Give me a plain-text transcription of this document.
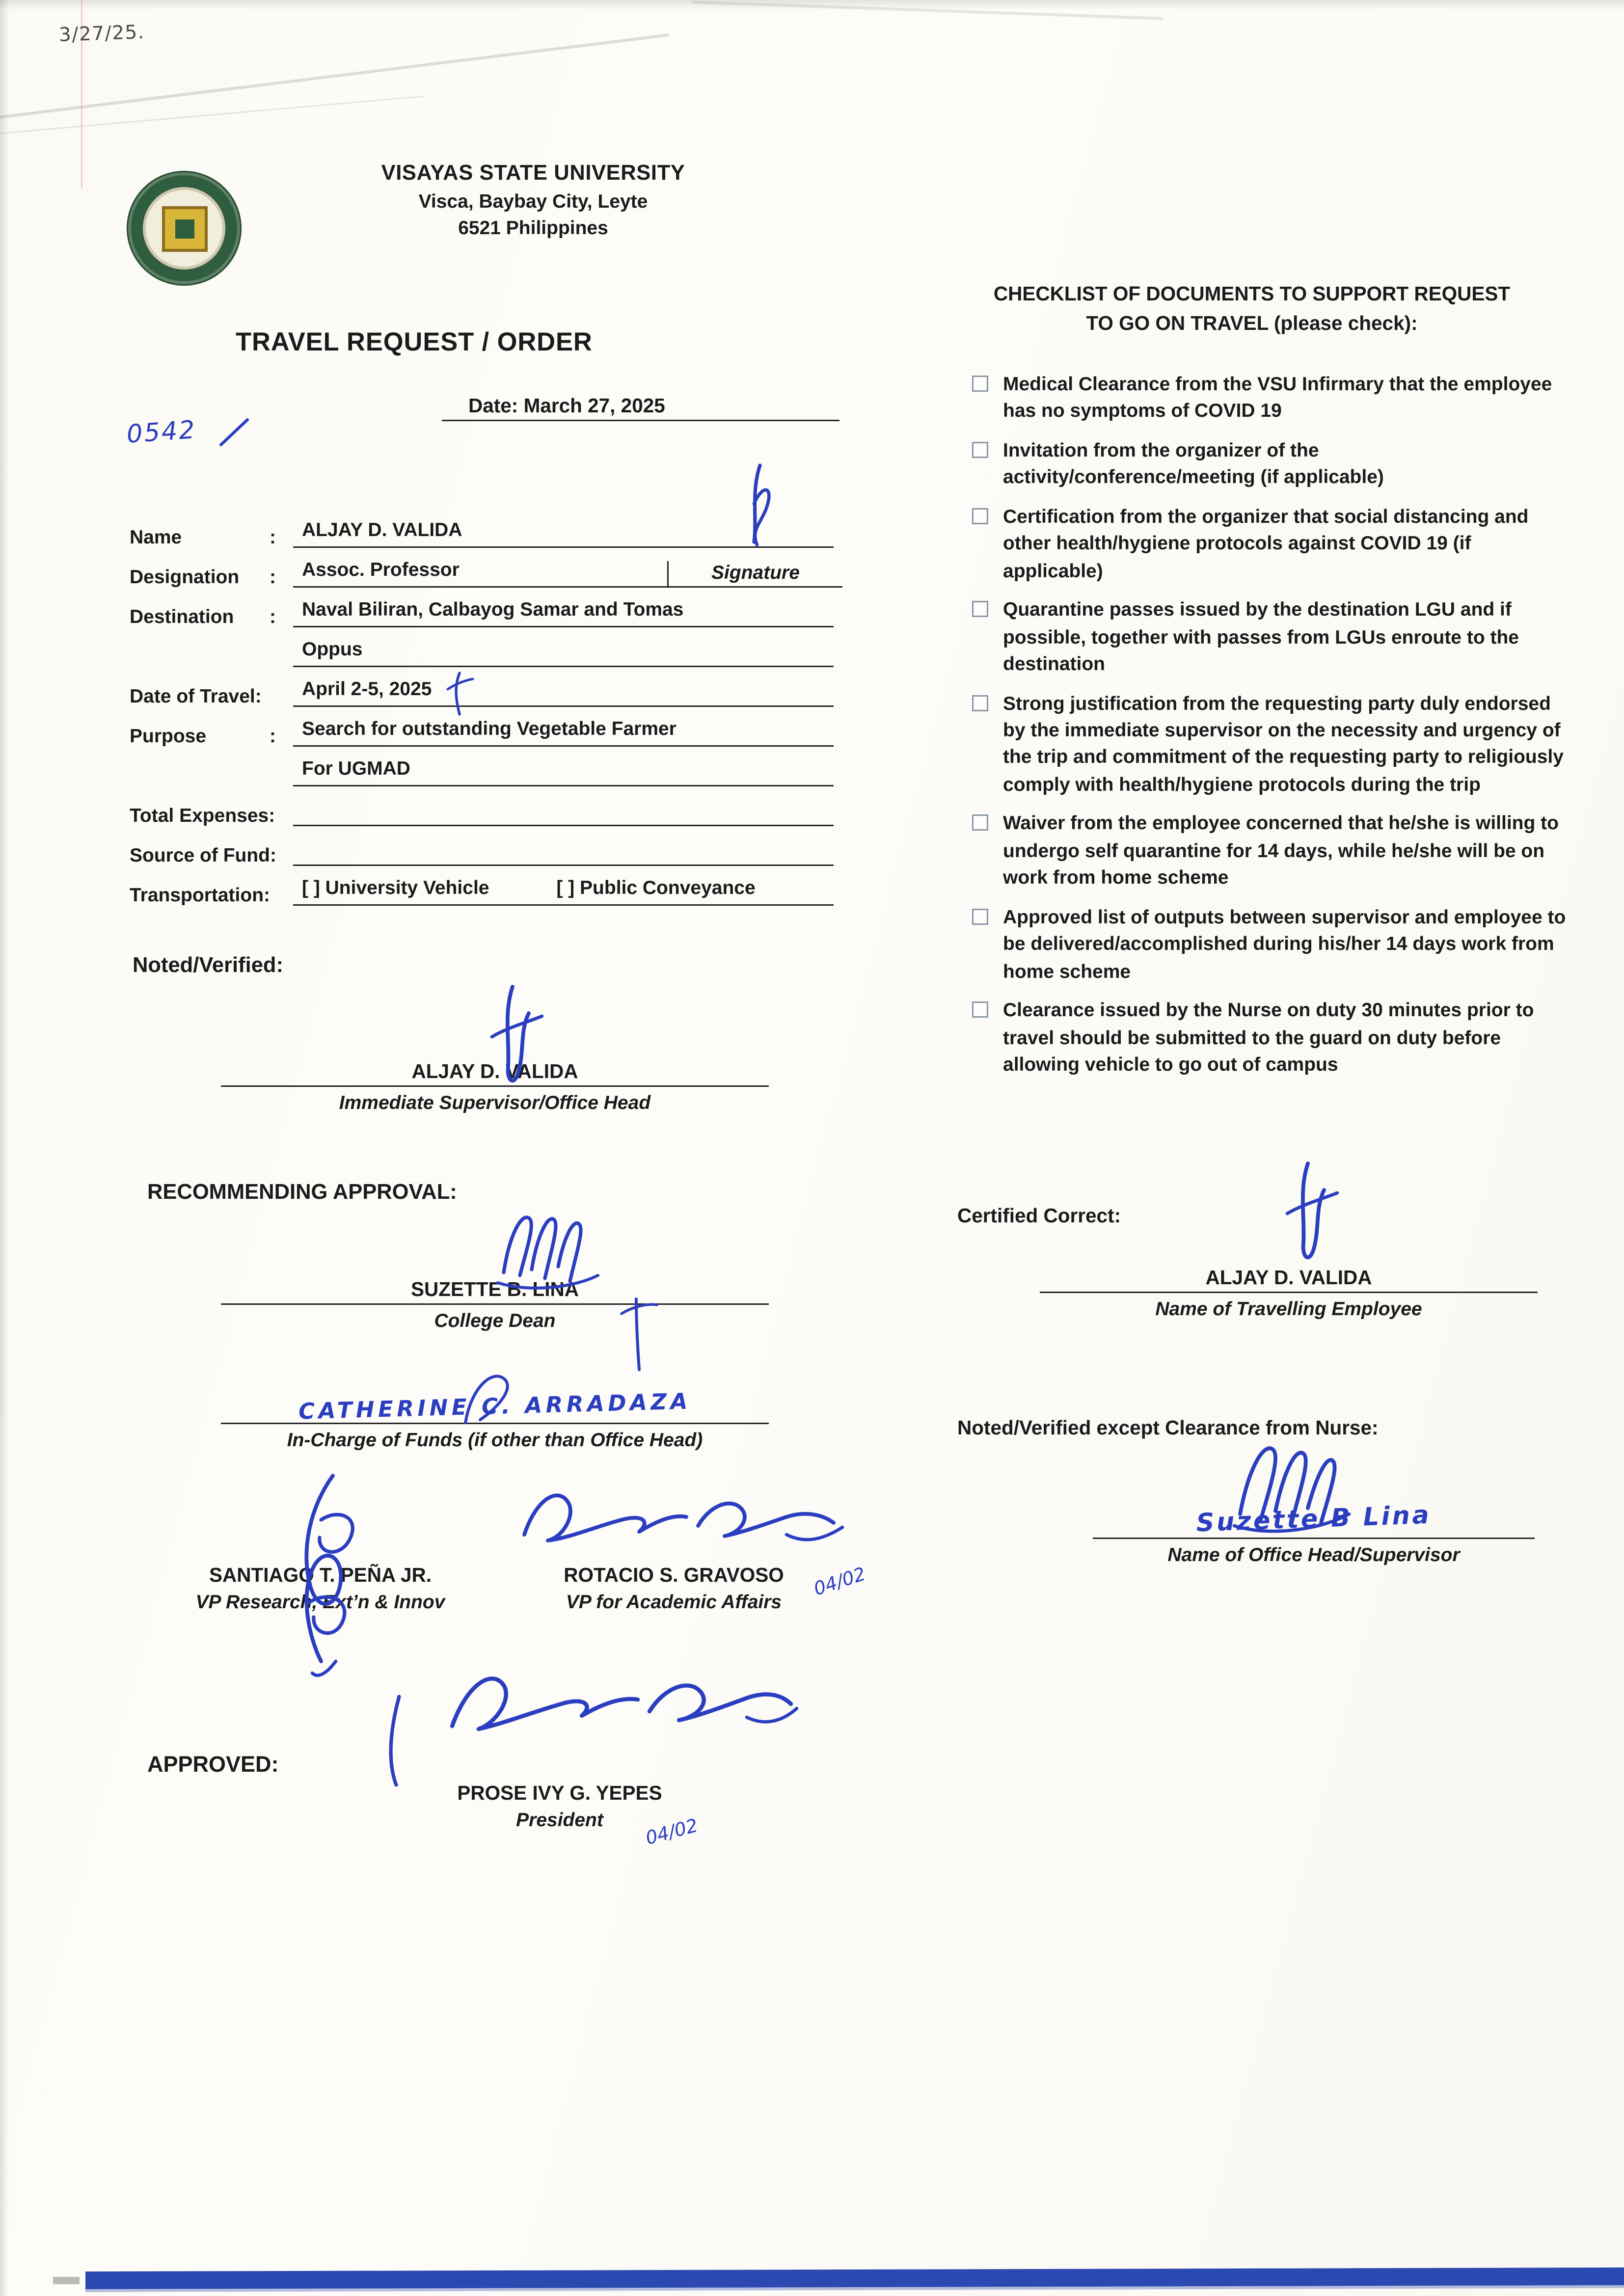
3/27/25.
0542
VISAYAS STATE UNIVERSITY
Visca, Baybay City, Leyte
6521 Philippines
TRAVEL REQUEST / ORDER
Date: March 27, 2025
Name	:	ALJAY D. VALIDA
Designation	:	Assoc. Professor	Signature
Destination	:	Naval Biliran, Calbayog Samar and Tomas
Oppus
Date of Travel:	April 2-5, 2025
Purpose	:	Search for outstanding Vegetable Farmer
For UGMAD
Total Expenses:
Source of Fund:
Transportation:	[ ] University Vehicle	[ ] Public Conveyance
Noted/Verified:
ALJAY D. VALIDA
Immediate Supervisor/Office Head
RECOMMENDING APPROVAL:
SUZETTE B. LINA
College Dean
CATHERINE C. ARRADAZA
In-Charge of Funds (if other than Office Head)
SANTIAGO T. PEÑA JR.
VP Research, Ext’n & Innov
ROTACIO S. GRAVOSO
VP for Academic Affairs
04/02
APPROVED:
PROSE IVY G. YEPES
President	04/02
CHECKLIST OF DOCUMENTS TO SUPPORT REQUEST
TO GO ON TRAVEL (please check):
Medical Clearance from the VSU Infirmary that the employee has no symptoms of COVID 19
Invitation from the organizer of the activity/conference/meeting (if applicable)
Certification from the organizer that social distancing and other health/hygiene protocols against COVID 19 (if applicable)
Quarantine passes issued by the destination LGU and if possible, together with passes from LGUs enroute to the destination
Strong justification from the requesting party duly endorsed by the immediate supervisor on the necessity and urgency of the trip and commitment of the requesting party to religiously comply with health/hygiene protocols during the trip
Waiver from the employee concerned that he/she is willing to undergo self quarantine for 14 days, while he/she will be on work from home scheme
Approved list of outputs between supervisor and employee to be delivered/accomplished during his/her 14 days work from home scheme
Clearance issued by the Nurse on duty 30 minutes prior to travel should be submitted to the guard on duty before allowing vehicle to go out of campus
Certified Correct:
ALJAY D. VALIDA
Name of Travelling Employee
Noted/Verified except Clearance from Nurse:
Suzette B Lina
Name of Office Head/Supervisor
